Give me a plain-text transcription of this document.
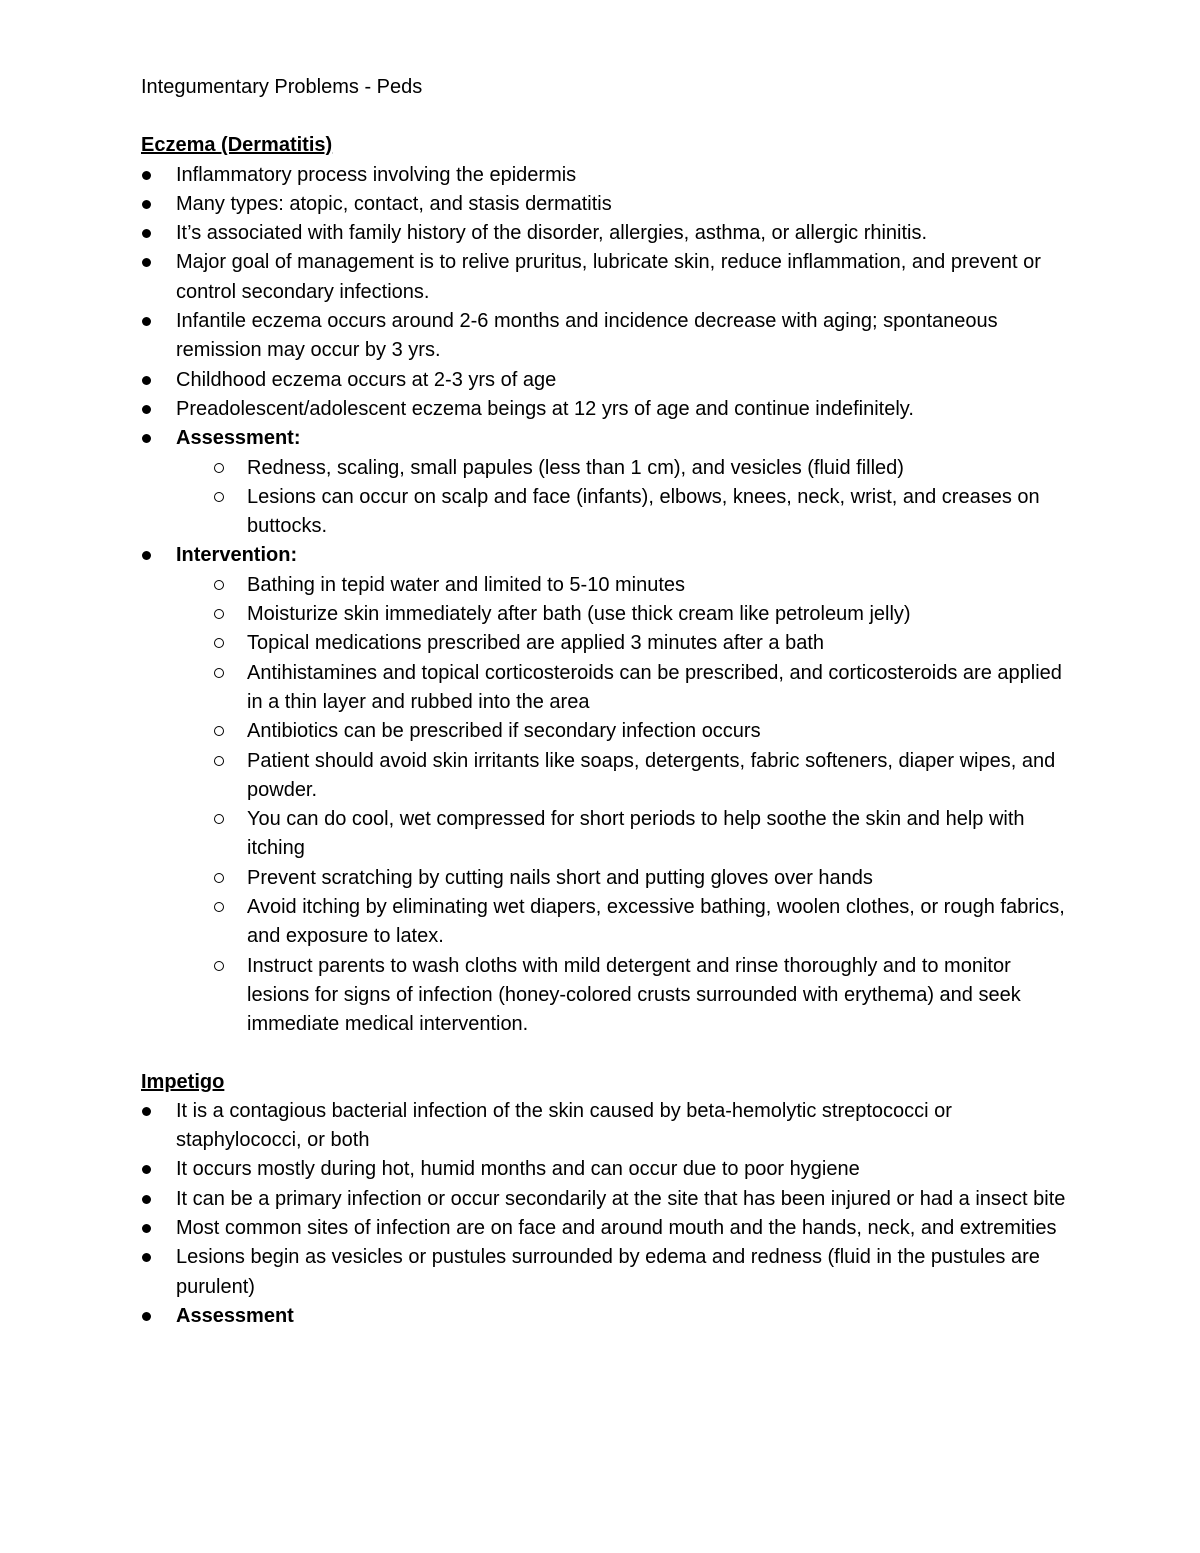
Integumentary Problems - Peds
Eczema (Dermatitis)
Inflammatory process involving the epidermis
Many types: atopic, contact, and stasis dermatitis
It’s associated with family history of the disorder, allergies, asthma, or allergic rhinitis.
Major goal of management is to relive pruritus, lubricate skin, reduce inflammation, and prevent or control secondary infections.
Infantile eczema occurs around 2-6 months and incidence decrease with aging; spontaneous remission may occur by 3 yrs.
Childhood eczema occurs at 2-3 yrs of age
Preadolescent/adolescent eczema beings at 12 yrs of age and continue indefinitely.
Assessment:
Redness, scaling, small papules (less than 1 cm), and vesicles (fluid filled)
Lesions can occur on scalp and face (infants), elbows, knees, neck, wrist, and creases on buttocks.
Intervention:
Bathing in tepid water and limited to 5-10 minutes
Moisturize skin immediately after bath (use thick cream like petroleum jelly)
Topical medications prescribed are applied 3 minutes after a bath
Antihistamines and topical corticosteroids can be prescribed, and corticosteroids are applied in a thin layer and rubbed into the area
Antibiotics can be prescribed if secondary infection occurs
Patient should avoid skin irritants like soaps, detergents, fabric softeners, diaper wipes, and powder.
You can do cool, wet compressed for short periods to help soothe the skin and help with itching
Prevent scratching by cutting nails short and putting gloves over hands
Avoid itching by eliminating wet diapers, excessive bathing, woolen clothes, or rough fabrics, and exposure to latex.
Instruct parents to wash cloths with mild detergent and rinse thoroughly and to monitor lesions for signs of infection (honey-colored crusts surrounded with erythema) and seek immediate medical intervention.
Impetigo
It is a contagious bacterial infection of the skin caused by beta-hemolytic streptococci or staphylococci, or both
It occurs mostly during hot, humid months and can occur due to poor hygiene
It can be a primary infection or occur secondarily at the site that has been injured or had a insect bite
Most common sites of infection are on face and around mouth and the hands, neck, and extremities
Lesions begin as vesicles or pustules surrounded by edema and redness (fluid in the pustules are purulent)
Assessment
